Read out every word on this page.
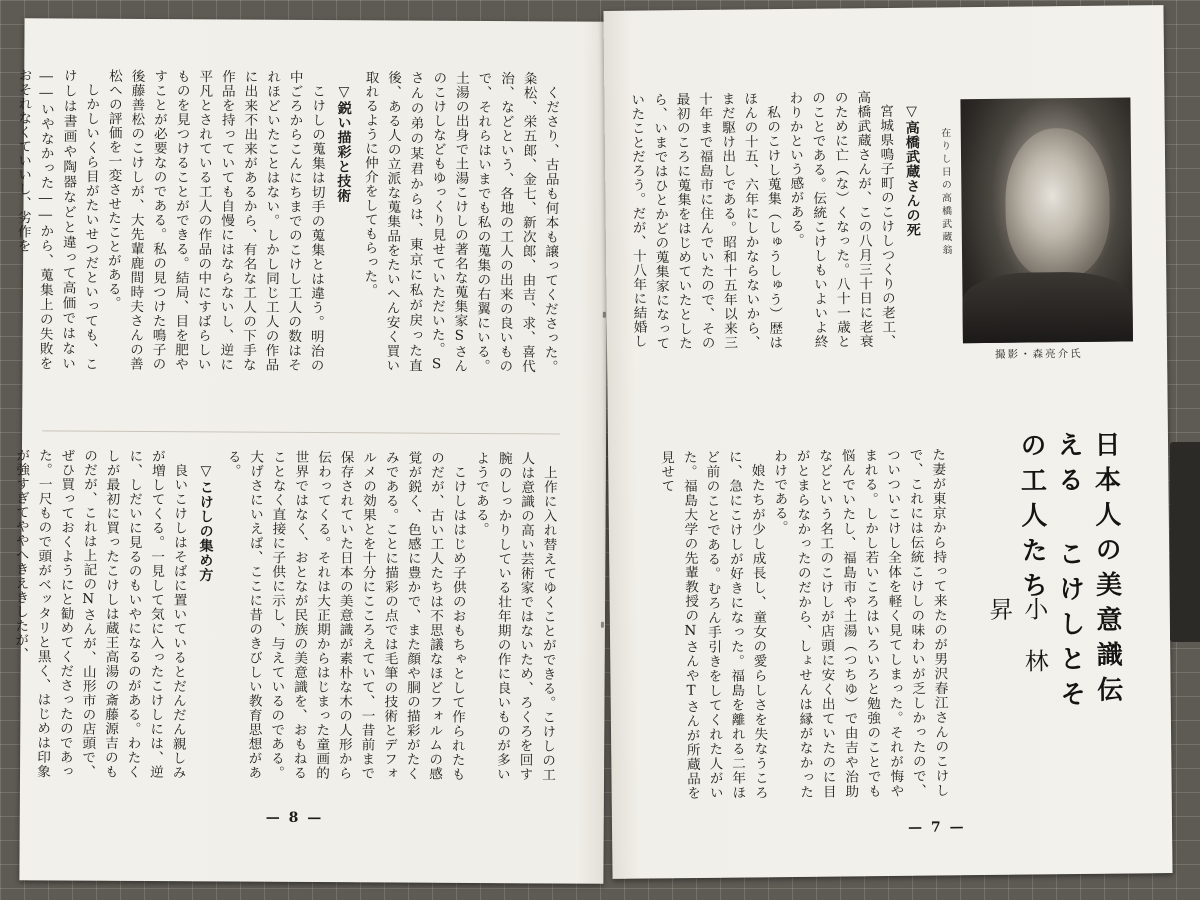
くださり、古品も何本も譲ってくださった。粂松、栄五郎、金七、新次郎、由吉、求、喜代治、などという、各地の工人の出来の良いもので、それらはいまでも私の蒐集の右翼にいる。土湯の出身で土湯こけしの著名な蒐集家Sさんのこけしなどもゆっくり見せていただいた。Sさんの弟の某君からは、東京に私が戻った直後、ある人の立派な蒐集品をたいへん安く買い取れるように仲介をしてもらった。

▽鋭い描彩と技術

こけしの蒐集は切手の蒐集とは違う。明治の中ごろからこんにちまでのこけし工人の数はそれほどいたことはない。しかし同じ工人の作品に出来不出来があるから、有名な工人の下手な作品を持っていても自慢にはならないし、逆に平凡とされている工人の作品の中にすばらしいものを見つけることができる。結局、目を肥やすことが必要なのである。私の見つけた鳴子の後藤善松のこけしが、大先輩鹿間時夫さんの善松への評価を一変させたことがある。

しかしいくら目がたいせつだといっても、こけしは書画や陶器などと違って高価ではない――いやなかった――から、蒐集上の失敗をおそれなくていいし、劣作を

上作に入れ替えてゆくことができる。こけしの工人は意識の高い芸術家ではないため、ろくろを回す腕のしっかりしている壮年期の作に良いものが多いようである。

こけしははじめ子供のおもちゃとして作られたものだが、古い工人たちは不思議なほどフォルムの感覚が鋭く、色感に豊かで、また顔や胴の描彩がたくみである。ことに描彩の点では毛筆の技術とデフォルメの効果とを十分にこころえていて、一昔前まで保存されていた日本の美意識が素朴な木の人形から伝わってくる。それは大正期からはじまった童画的世界ではなく、おとなが民族の美意識を、おもねることなく直接に子供に示し、与えているのである。大げさにいえば、ここに昔のきびしい教育思想がある。

▽こけしの集め方

良いこけしはそばに置いているとだんだん親しみが増してくる。一見して気に入ったこけしには、逆に、しだいに見るのもいやになるのがある。わたくしが最初に買ったこけしは蔵王高湯の斎藤源吉のものだが、これは上記のNさんが、山形市の店頭で、ぜひ買っておくようにと勧めてくださったのであった。一尺もので頭がベッタリと黒く、はじめは印象が強すぎてややへきえきしたが、

— 8 —

▽高橋武蔵さんの死

宮城県鳴子町のこけしつくりの老工、高橋武蔵さんが、この八月三十日に老衰のために亡（な）くなった。八十一歳とのことである。伝統こけしもいよいよ終わりかという感がある。

私のこけし蒐集（しゅうしゅう）歴はほんの十五、六年にしかならないから、まだ駆け出しである。昭和十五年以来三十年まで福島市に住んでいたので、その最初のころに蒐集をはじめていたとしたら、いまではひとかどの蒐集家になっていたことだろう。だが、十八年に結婚し	在りし日の高橋武蔵翁
撮影・森亮介氏
日本人の美意識伝える こけしとその工人たち
小林 昇

た妻が東京から持って来たのが男沢春江さんのこけしで、これには伝統こけしの味わいが乏しかったので、ついついこけし全体を軽く見てしまった。それが悔やまれる。しかし若いころはいろいろと勉強のことでも悩んでいたし、福島市や土湯（つちゆ）で由吉や治助などという名工のこけしが店頭に安く出ていたのに目がとまらなかったのだから、しょせんは縁がなかったわけである。

娘たちが少し成長し、童女の愛らしさを失なうころに、急にこけしが好きになった。福島を離れる二年ほど前のことである。むろん手引きをしてくれた人がいた。福島大学の先輩教授のNさんやTさんが所蔵品を見せて

— 7 —
